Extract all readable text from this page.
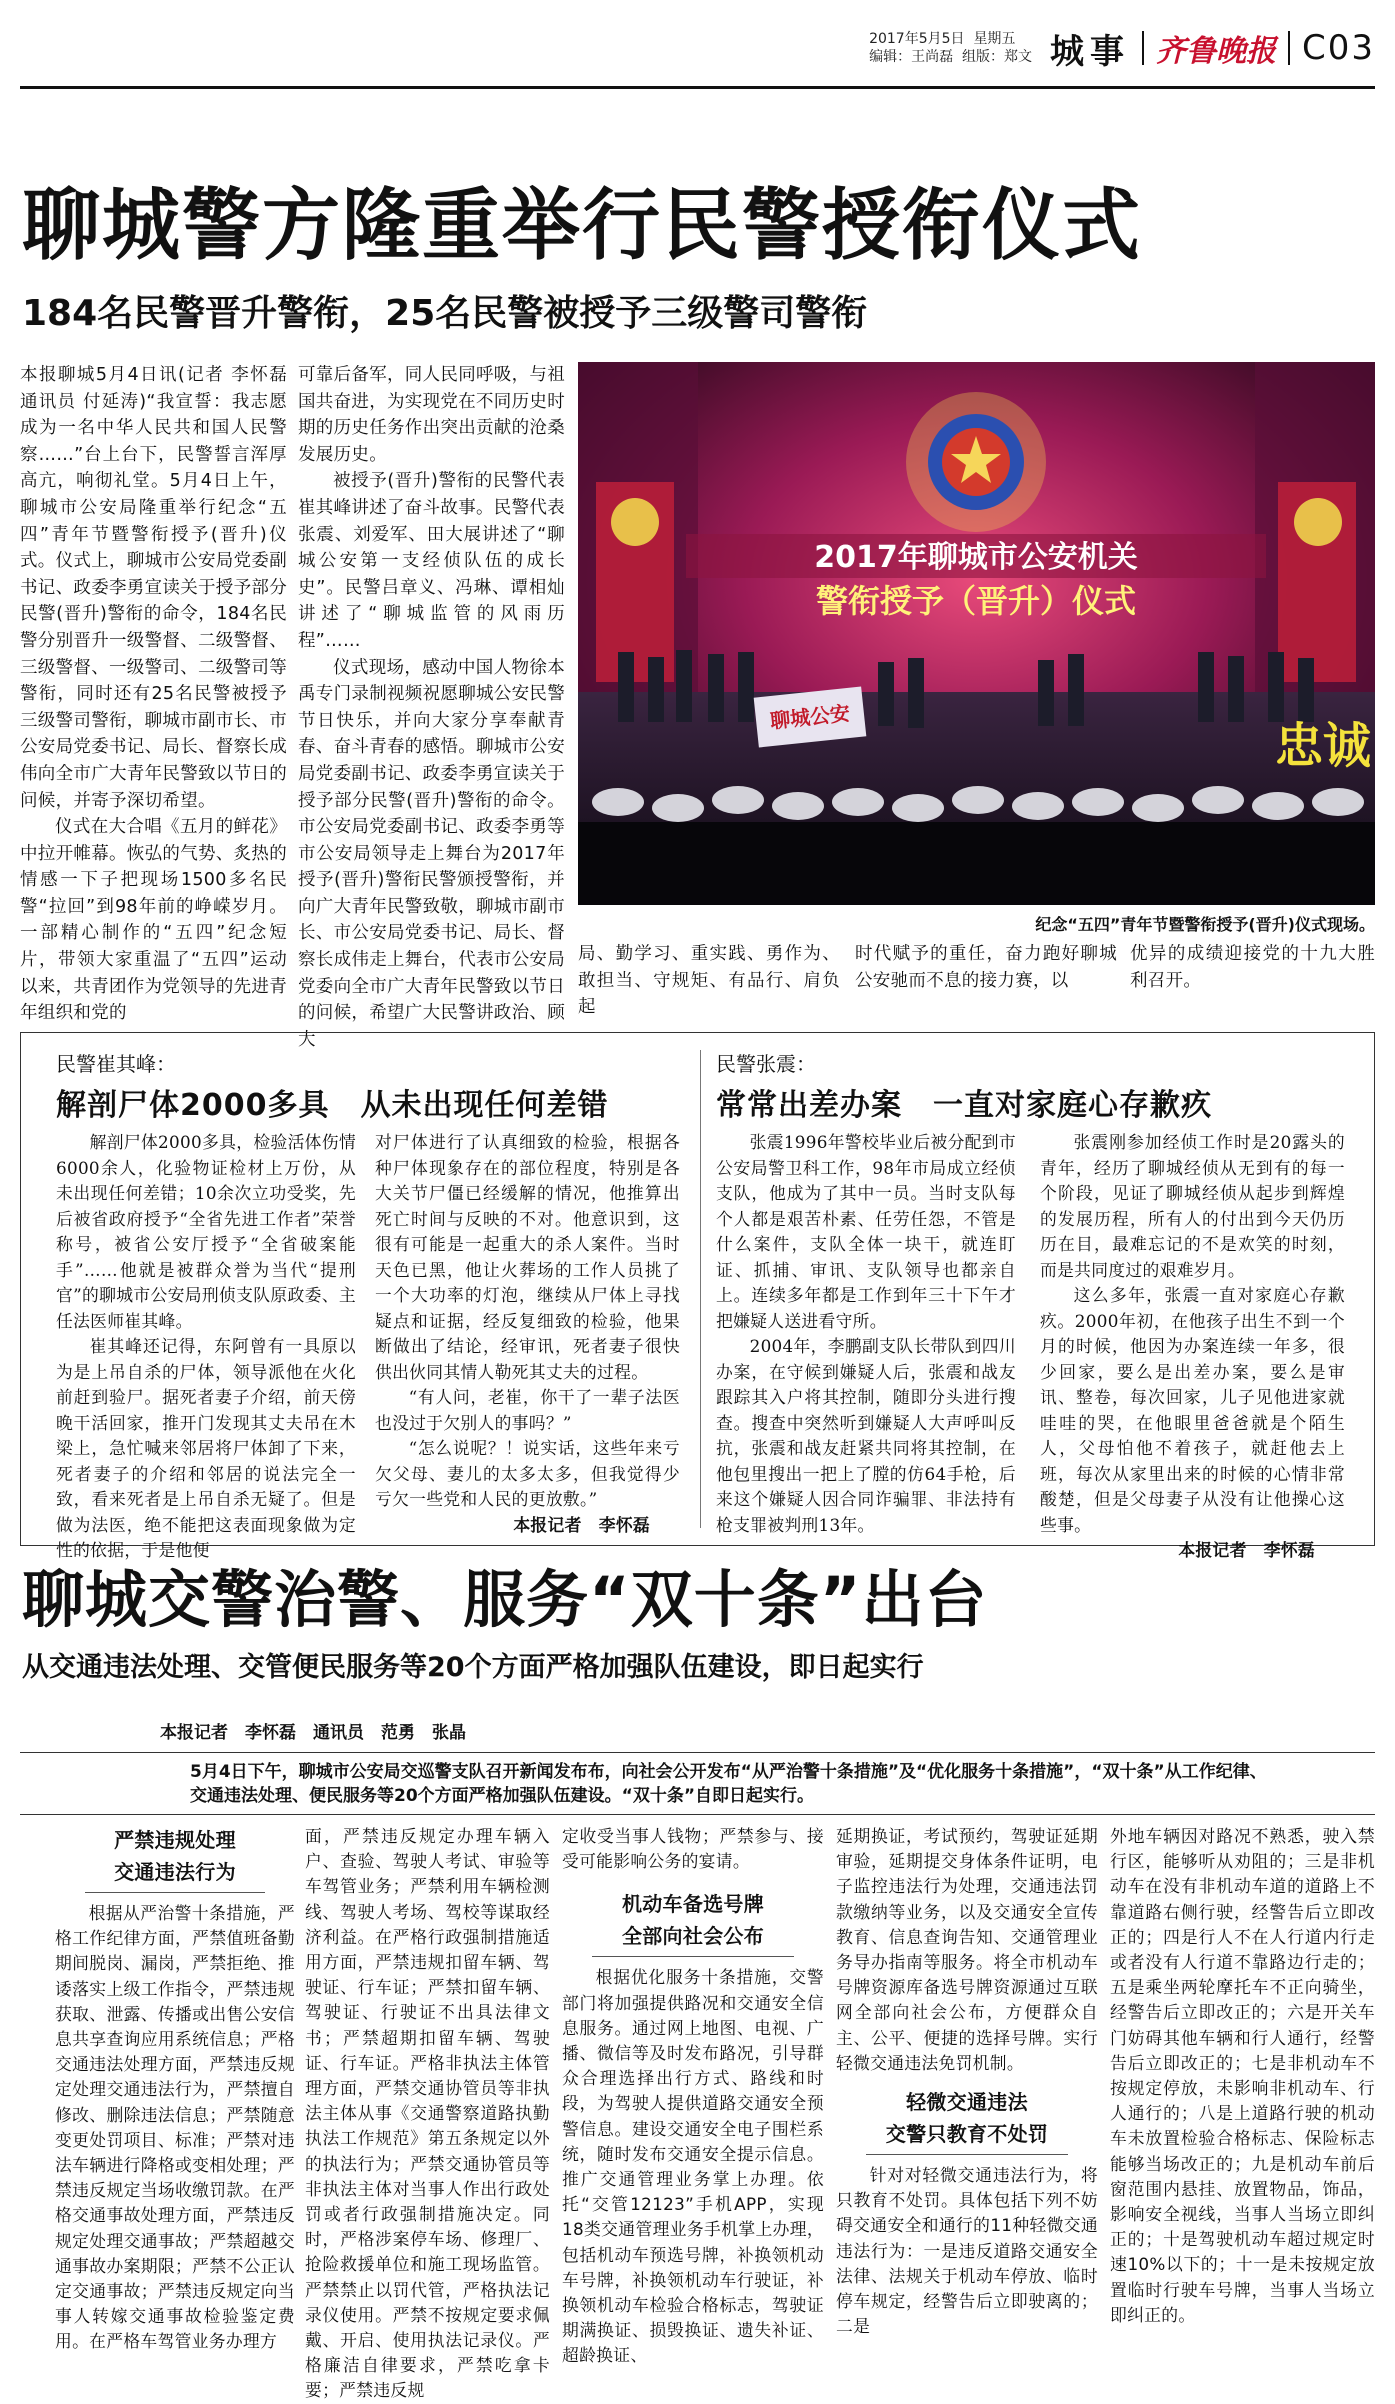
2017年5月5日 星期五
编辑：王尚磊 组版：郑文 城事 齐鲁晚报 C03
聊城警方隆重举行民警授衔仪式
184名民警晋升警衔，25名民警被授予三级警司警衔

本报聊城5月4日讯(记者 李怀磊 通讯员 付延涛)“我宣誓：我志愿成为一名中华人民共和国人民警察……”台上台下，民警誓言浑厚高亢，响彻礼堂。5月4日上午，聊城市公安局隆重举行纪念“五四”青年节暨警衔授予(晋升)仪式。仪式上，聊城市公安局党委副书记、政委李勇宣读关于授予部分民警(晋升)警衔的命令，184名民警分别晋升一级警督、二级警督、三级警督、一级警司、二级警司等警衔，同时还有25名民警被授予三级警司警衔，聊城市副市长、市公安局党委书记、局长、督察长成伟向全市广大青年民警致以节日的问候，并寄予深切希望。

仪式在大合唱《五月的鲜花》中拉开帷幕。恢弘的气势、炙热的情感一下子把现场1500多名民警“拉回”到98年前的峥嵘岁月。一部精心制作的“五四”纪念短片，带领大家重温了“五四”运动以来，共青团作为党领导的先进青年组织和党的

可靠后备军，同人民同呼吸，与祖国共奋进，为实现党在不同历史时期的历史任务作出突出贡献的沧桑发展历史。

被授予(晋升)警衔的民警代表崔其峰讲述了奋斗故事。民警代表张震、刘爱军、田大展讲述了“聊城公安第一支经侦队伍的成长史”。民警吕章义、冯琳、谭相灿讲述了“聊城监管的风雨历程”……

仪式现场，感动中国人物徐本禹专门录制视频祝愿聊城公安民警节日快乐，并向大家分享奉献青春、奋斗青春的感悟。聊城市公安局党委副书记、政委李勇宣读关于授予部分民警(晋升)警衔的命令。市公安局党委副书记、政委李勇等市公安局领导走上舞台为2017年授予(晋升)警衔民警颁授警衔，并向广大青年民警致敬，聊城市副市长、市公安局党委书记、局长、督察长成伟走上舞台，代表市公安局党委向全市广大青年民警致以节日的问候，希望广大民警讲政治、顾大

2017年聊城市公安机关
警衔授予（晋升）仪式
聊城公安
忠诚
纪念“五四”青年节暨警衔授予(晋升)仪式现场。

局、勤学习、重实践、勇作为、敢担当、守规矩、有品行、肩负起

时代赋予的重任，奋力跑好聊城公安驰而不息的接力赛，以

优异的成绩迎接党的十九大胜利召开。

民警崔其峰：
解剖尸体2000多具　从未出现任何差错
民警张震：
常常出差办案　一直对家庭心存歉疚

解剖尸体2000多具，检验活体伤情6000余人，化验物证检材上万份，从未出现任何差错；10余次立功受奖，先后被省政府授予“全省先进工作者”荣誉称号，被省公安厅授予“全省破案能手”……他就是被群众誉为当代“提刑官”的聊城市公安局刑侦支队原政委、主任法医师崔其峰。

崔其峰还记得，东阿曾有一具原以为是上吊自杀的尸体，领导派他在火化前赶到验尸。据死者妻子介绍，前天傍晚干活回家，推开门发现其丈夫吊在木梁上，急忙喊来邻居将尸体卸了下来，死者妻子的介绍和邻居的说法完全一致，看来死者是上吊自杀无疑了。但是做为法医，绝不能把这表面现象做为定性的依据，于是他便

对尸体进行了认真细致的检验，根据各种尸体现象存在的部位程度，特别是各大关节尸僵已经缓解的情况，他推算出死亡时间与反映的不对。他意识到，这很有可能是一起重大的杀人案件。当时天色已黑，他让火葬场的工作人员挑了一个大功率的灯泡，继续从尸体上寻找疑点和证据，经反复细致的检验，他果断做出了结论，经审讯，死者妻子很快供出伙同其情人勒死其丈夫的过程。

“有人问，老崔，你干了一辈子法医也没过于欠别人的事吗？”

“怎么说呢？！说实话，这些年来亏欠父母、妻儿的太多太多，但我觉得少亏欠一些党和人民的更放敷。”

本报记者　李怀磊

张震1996年警校毕业后被分配到市公安局警卫科工作，98年市局成立经侦支队，他成为了其中一员。当时支队每个人都是艰苦朴素、任劳任怨，不管是什么案件，支队全体一块干，就连盯证、抓捕、审讯、支队领导也都亲自上。连续多年都是工作到年三十下午才把嫌疑人送进看守所。

2004年，李鹏副支队长带队到四川办案，在守候到嫌疑人后，张震和战友跟踪其入户将其控制，随即分头进行搜查。搜查中突然听到嫌疑人大声呼叫反抗，张震和战友赶紧共同将其控制，在他包里搜出一把上了膛的仿64手枪，后来这个嫌疑人因合同诈骗罪、非法持有枪支罪被判刑13年。

张震刚参加经侦工作时是20露头的青年，经历了聊城经侦从无到有的每一个阶段，见证了聊城经侦从起步到辉煌的发展历程，所有人的付出到今天仍历历在目，最难忘记的不是欢笑的时刻，而是共同度过的艰难岁月。

这么多年，张震一直对家庭心存歉疚。2000年初，在他孩子出生不到一个月的时候，他因为办案连续一年多，很少回家，要么是出差办案，要么是审讯、整卷，每次回家，儿子见他进家就哇哇的哭，在他眼里爸爸就是个陌生人，父母怕他不着孩子，就赶他去上班，每次从家里出来的时候的心情非常酸楚，但是父母妻子从没有让他操心这些事。

本报记者　李怀磊

聊城交警治警、服务“双十条”出台
从交通违法处理、交管便民服务等20个方面严格加强队伍建设，即日起实行
本报记者　李怀磊　通讯员　范勇　张晶
5月4日下午，聊城市公安局交巡警支队召开新闻发布布，向社会公开发布“从严治警十条措施”及“优化服务十条措施”，“双十条”从工作纪律、交通违法处理、便民服务等20个方面严格加强队伍建设。“双十条”自即日起实行。

严禁违规处理

交通违法行为

根据从严治警十条措施，严格工作纪律方面，严禁值班备勤期间脱岗、漏岗，严禁拒绝、推诿落实上级工作指令，严禁违规获取、泄露、传播或出售公安信息共享查询应用系统信息；严格交通违法处理方面，严禁违反规定处理交通违法行为，严禁擅自修改、删除违法信息；严禁随意变更处罚项目、标准；严禁对违法车辆进行降格或变相处理；严禁违反规定当场收缴罚款。在严格交通事故处理方面，严禁违反规定处理交通事故；严禁超越交通事故办案期限；严禁不公正认定交通事故；严禁违反规定向当事人转嫁交通事故检验鉴定费用。在严格车驾管业务办理方

面，严禁违反规定办理车辆入户、查验、驾驶人考试、审验等车驾管业务；严禁利用车辆检测线、驾驶人考场、驾校等谋取经济利益。在严格行政强制措施适用方面，严禁违规扣留车辆、驾驶证、行车证；严禁扣留车辆、驾驶证、行驶证不出具法律文书；严禁超期扣留车辆、驾驶证、行车证。严格非执法主体管理方面，严禁交通协管员等非执法主体从事《交通警察道路执勤执法工作规范》第五条规定以外的执法行为；严禁交通协管员等非执法主体对当事人作出行政处罚或者行政强制措施决定。同时，严格涉案停车场、修理厂、抢险救援单位和施工现场监管。严禁禁止以罚代管，严格执法记录仪使用。严禁不按规定要求佩戴、开启、使用执法记录仪。严格廉洁自律要求，严禁吃拿卡要；严禁违反规

定收受当事人钱物；严禁参与、接受可能影响公务的宴请。

机动车备选号牌

全部向社会公布

根据优化服务十条措施，交警部门将加强提供路况和交通安全信息服务。通过网上地图、电视、广播、微信等及时发布路况，引导群众合理选择出行方式、路线和时段，为驾驶人提供道路交通安全预警信息。建设交通安全电子围栏系统，随时发布交通安全提示信息。推广交通管理业务掌上办理。依托“交管12123”手机APP，实现18类交通管理业务手机掌上办理，包括机动车预选号牌，补换领机动车号牌，补换领机动车行驶证，补换领机动车检验合格标志，驾驶证期满换证、损毁换证、遗失补证、超龄换证、

延期换证，考试预约，驾驶证延期审验，延期提交身体条件证明，电子监控违法行为处理，交通违法罚款缴纳等业务，以及交通安全宣传教育、信息查询告知、交通管理业务导办指南等服务。将全市机动车号牌资源库备选号牌资源通过互联网全部向社会公布，方便群众自主、公平、便捷的选择号牌。实行轻微交通违法免罚机制。

轻微交通违法

交警只教育不处罚

针对对轻微交通违法行为，将只教育不处罚。具体包括下列不妨碍交通安全和通行的11种轻微交通违法行为：一是违反道路交通安全法律、法规关于机动车停放、临时停车规定，经警告后立即驶离的；二是

外地车辆因对路况不熟悉，驶入禁行区，能够听从劝阻的；三是非机动车在没有非机动车道的道路上不靠道路右侧行驶，经警告后立即改正的；四是行人不在人行道内行走或者没有人行道不靠路边行走的；五是乘坐两轮摩托车不正向骑坐，经警告后立即改正的；六是开关车门妨碍其他车辆和行人通行，经警告后立即改正的；七是非机动车不按规定停放，未影响非机动车、行人通行的；八是上道路行驶的机动车未放置检验合格标志、保险标志能够当场改正的；九是机动车前后窗范围内悬挂、放置物品，饰品，影响安全视线，当事人当场立即纠正的；十是驾驶机动车超过规定时速10%以下的；十一是未按规定放置临时行驶车号牌，当事人当场立即纠正的。
